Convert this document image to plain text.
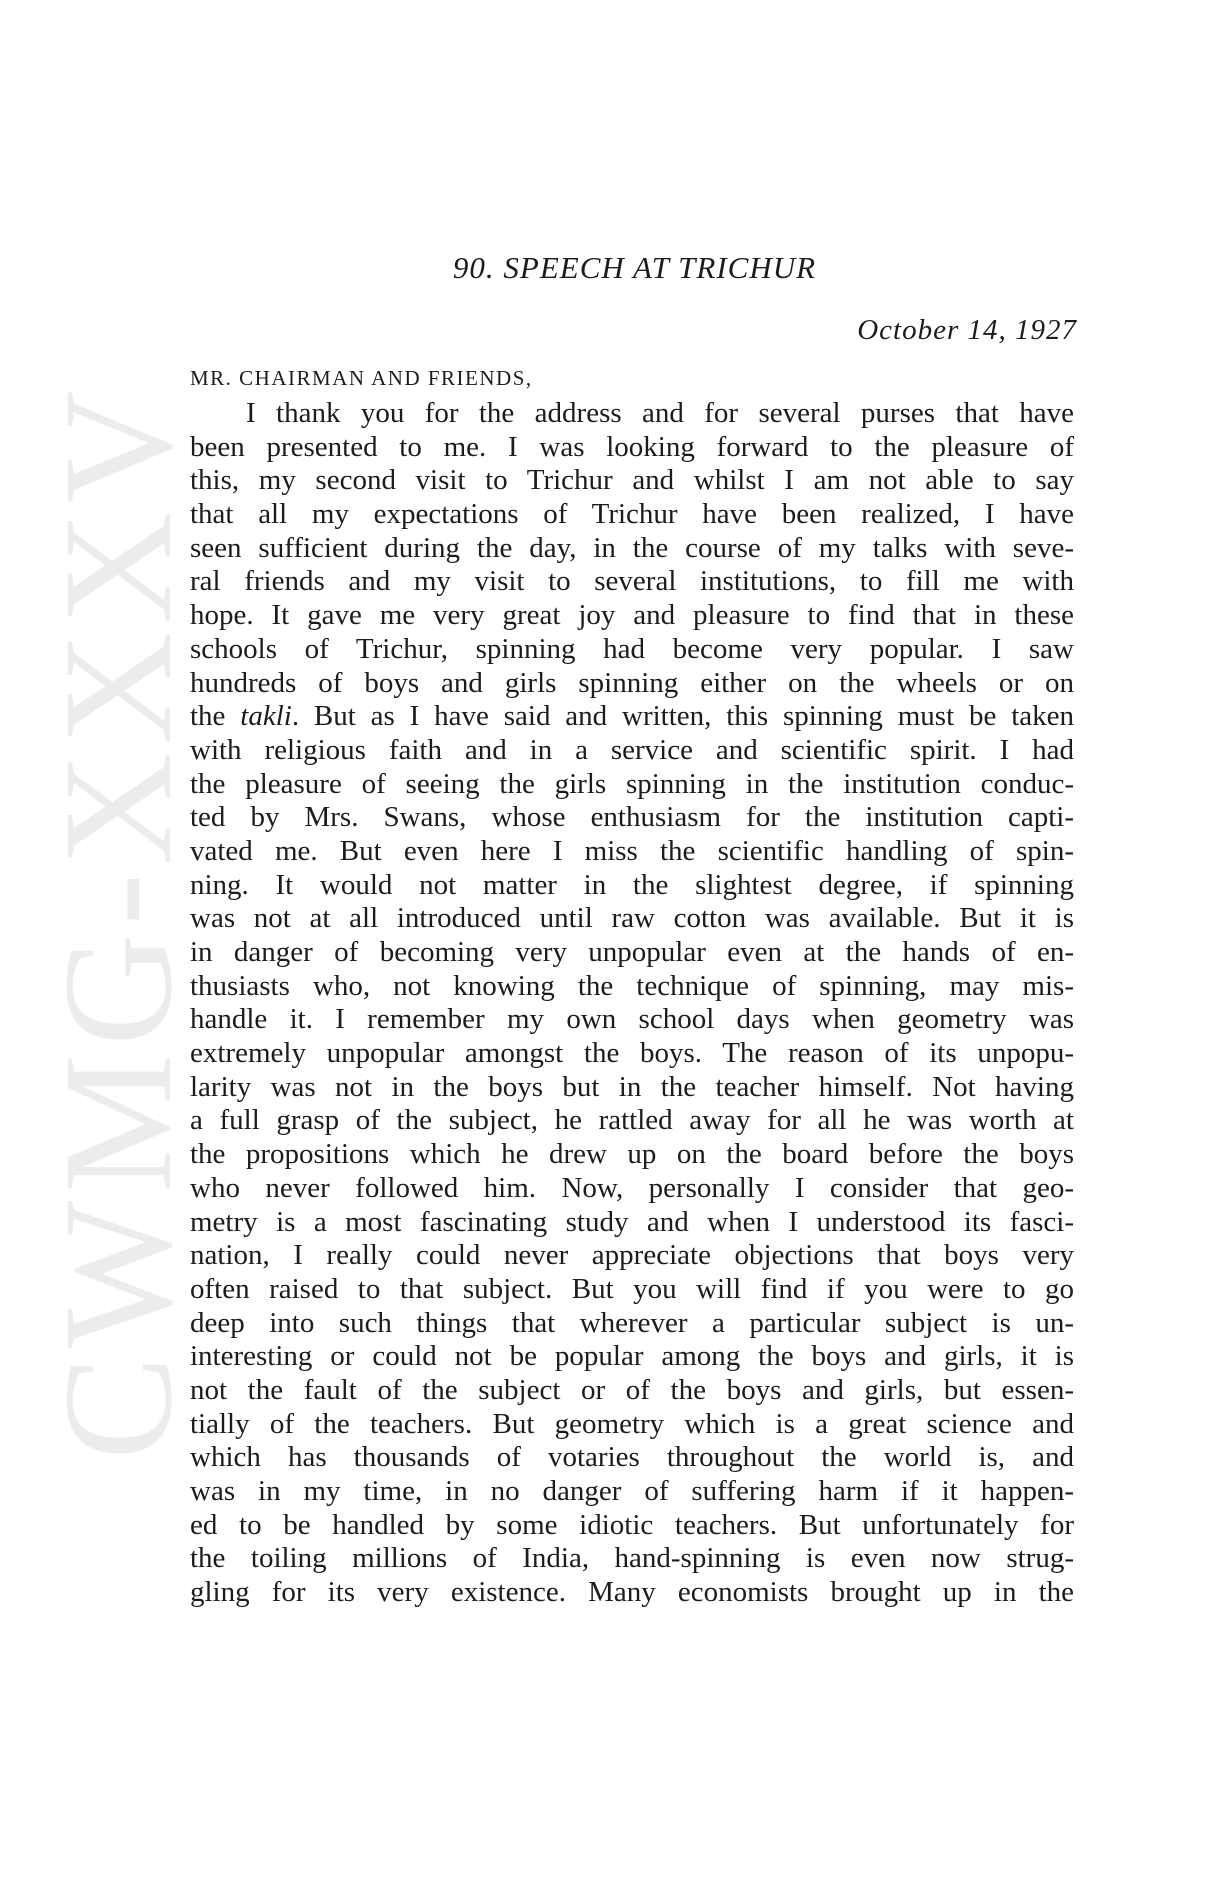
CWMG-XXXV
90. SPEECH AT TRICHUR
October 14, 1927
MR. CHAIRMAN AND FRIENDS,
I thank you for the address and for several purses that have
been presented to me. I was looking forward to the pleasure of
this, my second visit to Trichur and whilst I am not able to say
that all my expectations of Trichur have been realized, I have
seen sufficient during the day, in the course of my talks with seve-
ral friends and my visit to several institutions, to fill me with
hope. It gave me very great joy and pleasure to find that in these
schools of Trichur, spinning had become very popular. I saw
hundreds of boys and girls spinning either on the wheels or on
the takli. But as I have said and written, this spinning must be taken
with religious faith and in a service and scientific spirit. I had
the pleasure of seeing the girls spinning in the institution conduc-
ted by Mrs. Swans, whose enthusiasm for the institution capti-
vated me. But even here I miss the scientific handling of spin-
ning. It would not matter in the slightest degree, if spinning
was not at all introduced until raw cotton was available. But it is
in danger of becoming very unpopular even at the hands of en-
thusiasts who, not knowing the technique of spinning, may mis-
handle it. I remember my own school days when geometry was
extremely unpopular amongst the boys. The reason of its unpopu-
larity was not in the boys but in the teacher himself. Not having
a full grasp of the subject, he rattled away for all he was worth at
the propositions which he drew up on the board before the boys
who never followed him. Now, personally I consider that geo-
metry is a most fascinating study and when I understood its fasci-
nation, I really could never appreciate objections that boys very
often raised to that subject. But you will find if you were to go
deep into such things that wherever a particular subject is un-
interesting or could not be popular among the boys and girls, it is
not the fault of the subject or of the boys and girls, but essen-
tially of the teachers. But geometry which is a great science and
which has thousands of votaries throughout the world is, and
was in my time, in no danger of suffering harm if it happen-
ed to be handled by some idiotic teachers. But unfortunately for
the toiling millions of India, hand-spinning is even now strug-
gling for its very existence. Many economists brought up in the
